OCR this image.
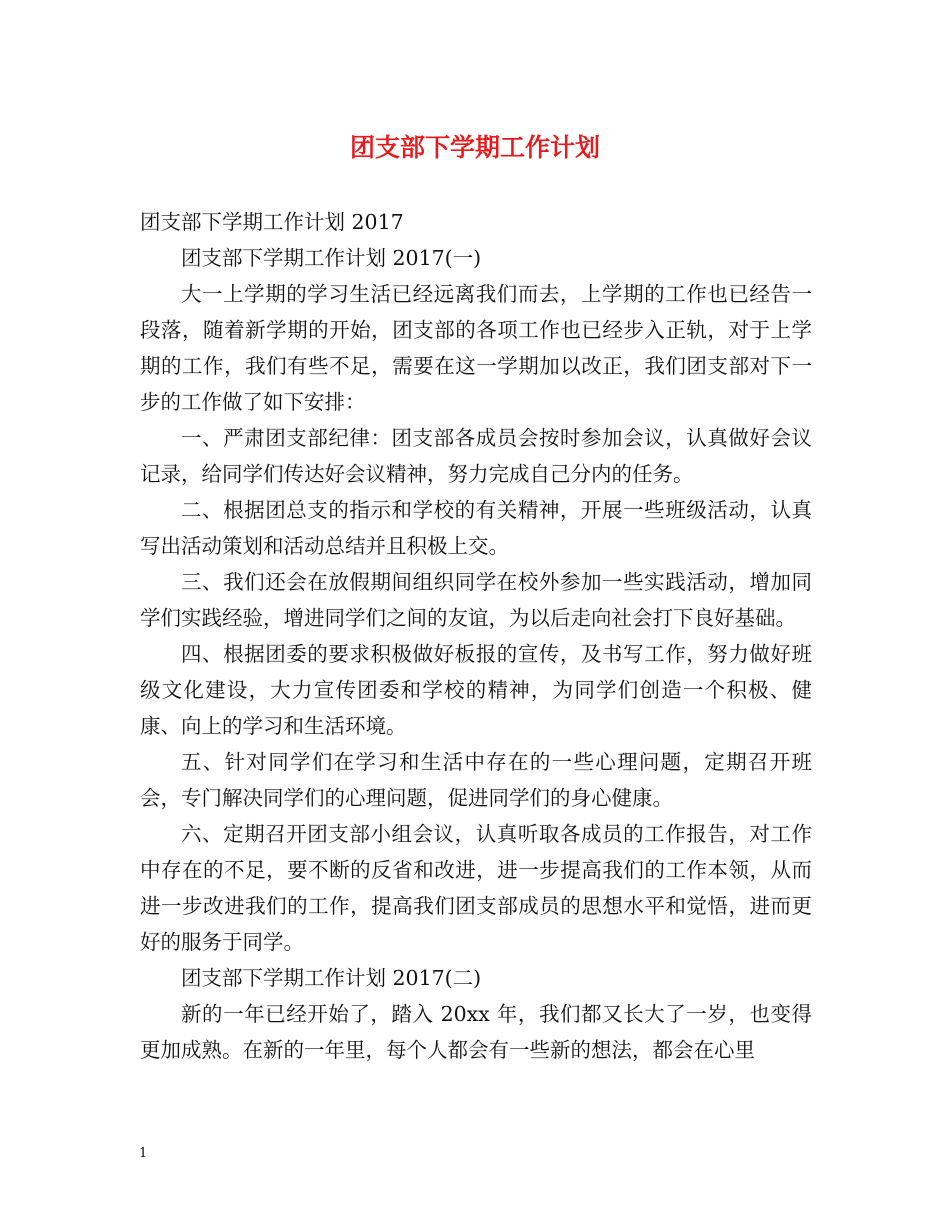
团支部下学期工作计划

团支部下学期工作计划 2017

团支部下学期工作计划 2017(一)

大一上学期的学习生活已经远离我们而去，上学期的工作也已经告一段落，随着新学期的开始，团支部的各项工作也已经步入正轨，对于上学期的工作，我们有些不足，需要在这一学期加以改正，我们团支部对下一步的工作做了如下安排：

一、严肃团支部纪律：团支部各成员会按时参加会议，认真做好会议记录，给同学们传达好会议精神，努力完成自己分内的任务。

二、根据团总支的指示和学校的有关精神，开展一些班级活动，认真写出活动策划和活动总结并且积极上交。

三、我们还会在放假期间组织同学在校外参加一些实践活动，增加同学们实践经验，增进同学们之间的友谊，为以后走向社会打下良好基础。

四、根据团委的要求积极做好板报的宣传，及书写工作，努力做好班级文化建设，大力宣传团委和学校的精神，为同学们创造一个积极、健康、向上的学习和生活环境。

五、针对同学们在学习和生活中存在的一些心理问题，定期召开班会，专门解决同学们的心理问题，促进同学们的身心健康。

六、定期召开团支部小组会议，认真听取各成员的工作报告，对工作中存在的不足，要不断的反省和改进，进一步提高我们的工作本领，从而进一步改进我们的工作，提高我们团支部成员的思想水平和觉悟，进而更好的服务于同学。

团支部下学期工作计划 2017(二)

新的一年已经开始了，踏入 20xx 年，我们都又长大了一岁，也变得更加成熟。在新的一年里，每个人都会有一些新的想法，都会在心里

1
